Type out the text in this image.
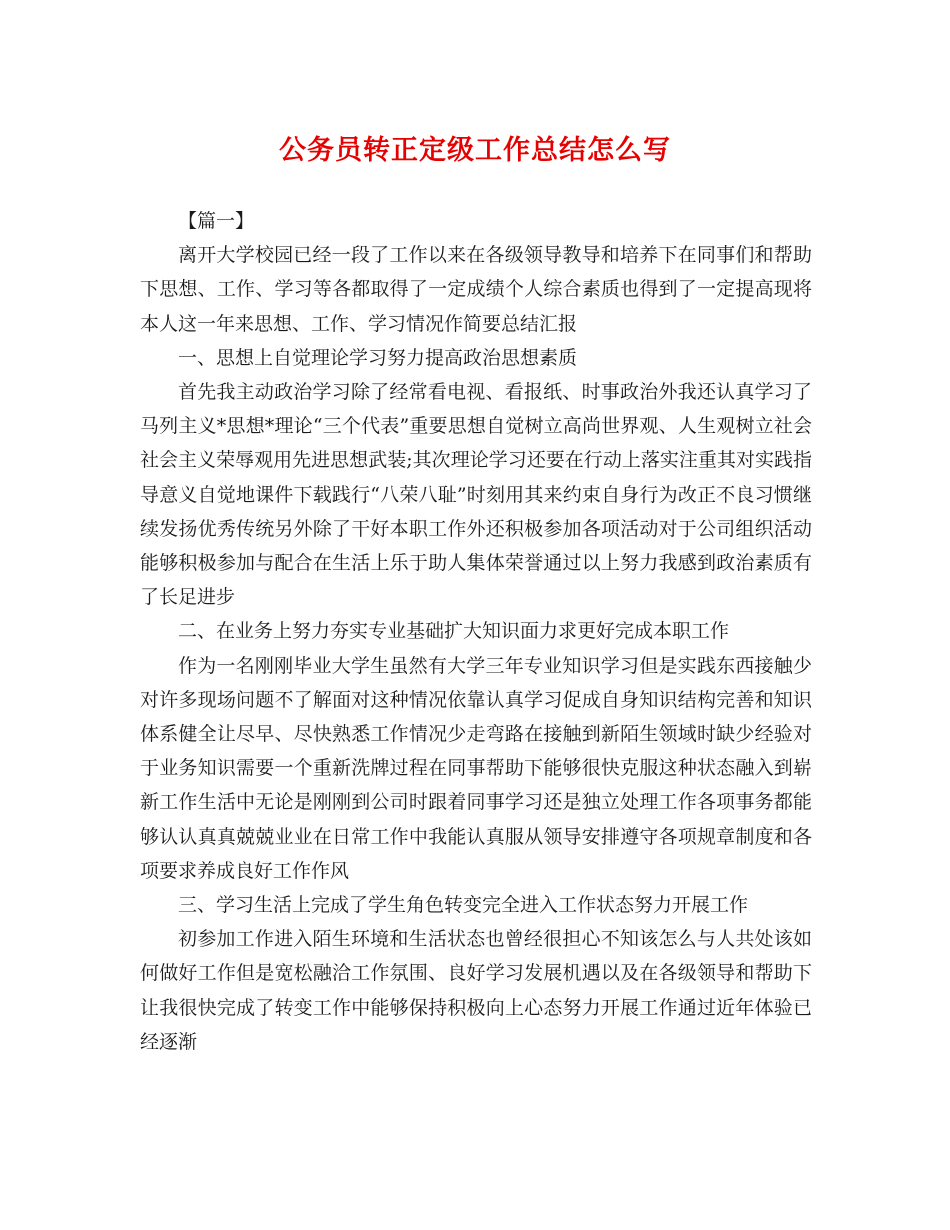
公务员转正定级工作总结怎么写

【篇一】

离开大学校园已经一段了工作以来在各级领导教导和培养下在同事们和帮助下思想、工作、学习等各都取得了一定成绩个人综合素质也得到了一定提高现将本人这一年来思想、工作、学习情况作简要总结汇报

一、思想上自觉理论学习努力提高政治思想素质

首先我主动政治学习除了经常看电视、看报纸、时事政治外我还认真学习了马列主义*思想*理论“三个代表”重要思想自觉树立高尚世界观、人生观树立社会社会主义荣辱观用先进思想武装;其次理论学习还要在行动上落实注重其对实践指导意义自觉地课件下载践行“八荣八耻”时刻用其来约束自身行为改正不良习惯继续发扬优秀传统另外除了干好本职工作外还积极参加各项活动对于公司组织活动能够积极参加与配合在生活上乐于助人集体荣誉通过以上努力我感到政治素质有了长足进步

二、在业务上努力夯实专业基础扩大知识面力求更好完成本职工作

作为一名刚刚毕业大学生虽然有大学三年专业知识学习但是实践东西接触少对许多现场问题不了解面对这种情况依靠认真学习促成自身知识结构完善和知识体系健全让尽早、尽快熟悉工作情况少走弯路在接触到新陌生领域时缺少经验对于业务知识需要一个重新洗牌过程在同事帮助下能够很快克服这种状态融入到崭新工作生活中无论是刚刚到公司时跟着同事学习还是独立处理工作各项事务都能够认认真真兢兢业业在日常工作中我能认真服从领导安排遵守各项规章制度和各项要求养成良好工作作风

三、学习生活上完成了学生角色转变完全进入工作状态努力开展工作

初参加工作进入陌生环境和生活状态也曾经很担心不知该怎么与人共处该如何做好工作但是宽松融洽工作氛围、良好学习发展机遇以及在各级领导和帮助下让我很快完成了转变工作中能够保持积极向上心态努力开展工作通过近年体验已经逐渐
